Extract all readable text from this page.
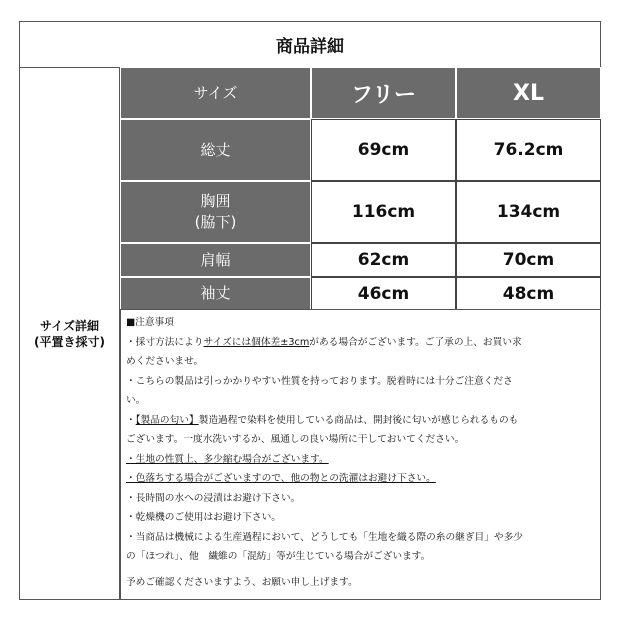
商品詳細
サイズ詳細
(平置き採寸)
サイズ	フリー	XL
総丈	69cm	76.2cm
胸囲
(脇下)	116cm	134cm
肩幅	62cm	70cm
袖丈	46cm	48cm
■注意事項
・採寸方法によりサイズには個体差±3cmがある場合がございます。ご了承の上、お買い求
めくださいませ。
・こちらの製品は引っかかりやすい性質を持っております。脱着時には十分ご注意くださ
い。
・【製品の匂い】製造過程で染料を使用している商品は、開封後に匂いが感じられるものも
ございます。一度水洗いするか、風通しの良い場所に干しておいてください。
・生地の性質上、多少縮む場合がございます。
・色落ちする場合がございますので、他の物との洗濯はお避け下さい。
・長時間の水への浸漬はお避け下さい。
・乾燥機のご使用はお避け下さい。
・当商品は機械による生産過程において、どうしても「生地を織る際の糸の継ぎ目」や多少
の「ほつれ」、他　繊維の「混紡」等が生じている場合がございます。
予めご確認くださいますよう、お願い申し上げます。
